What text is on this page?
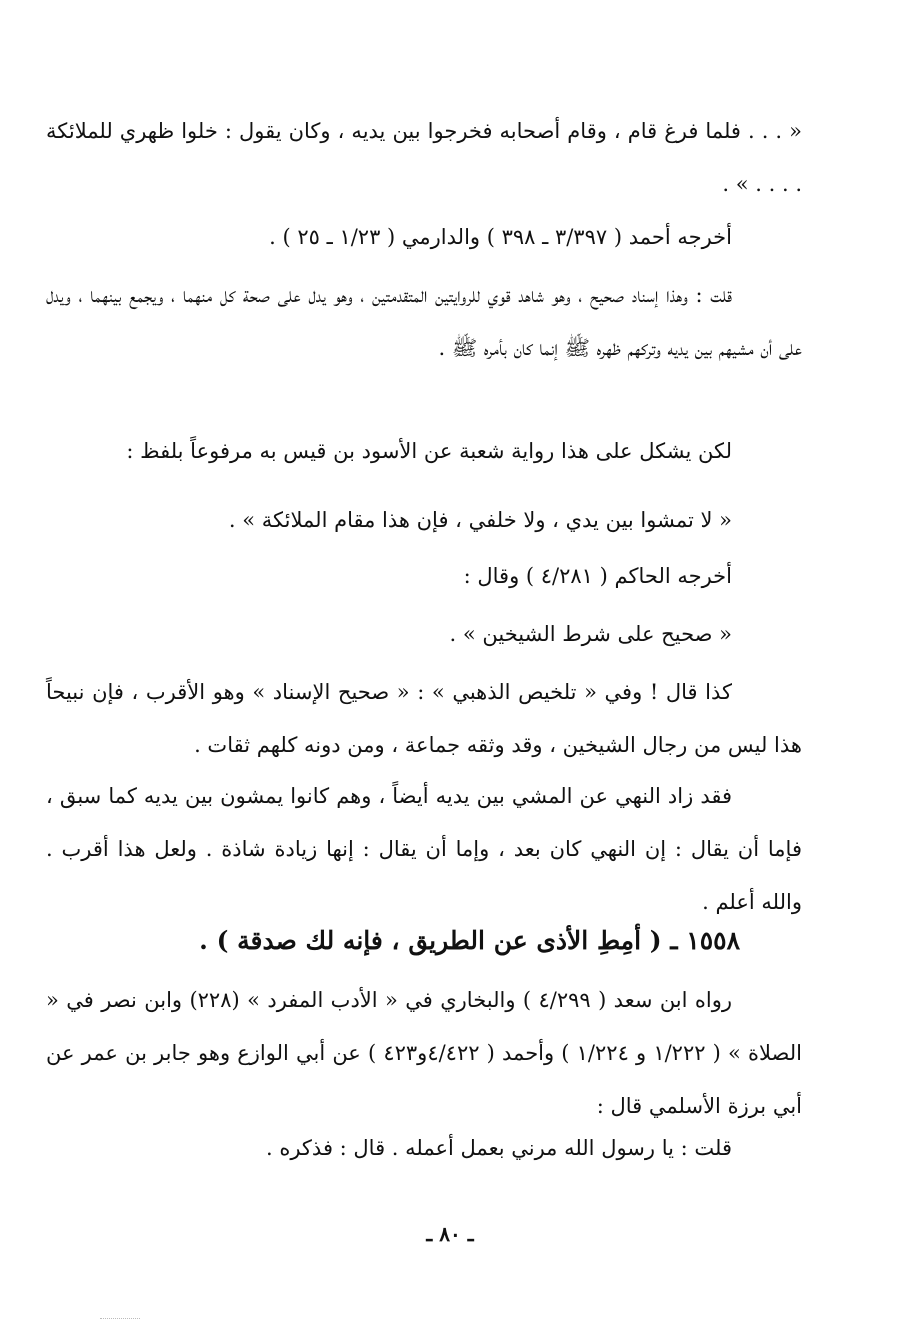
« . . . فلما فرغ قام ، وقام أصحابه فخرجوا بين يديه ، وكان يقول : خلوا ظهري للملائكة . . . . » .

أخرجه أحمد ( ٣/٣٩٧ ـ ٣٩٨ ) والدارمي ( ١/٢٣ ـ ٢٥ ) .

قلت : وهذا إسناد صحيح ، وهو شاهد قوي للروايتين المتقدمتين ، وهو يدل على صحة كل منهما ، ويجمع بينهما ، ويدل على أن مشيهم بين يديه وتركهم ظهره ﷺ إنما كان بأمره ﷺ .

لكن يشكل على هذا رواية شعبة عن الأسود بن قيس به مرفوعاً بلفظ :

« لا تمشوا بين يدي ، ولا خلفي ، فإن هذا مقام الملائكة » .

أخرجه الحاكم ( ٤/٢٨١ ) وقال :

« صحيح على شرط الشيخين » .

كذا قال ! وفي « تلخيص الذهبي » : « صحيح الإسناد » وهو الأقرب ، فإن نبيحاً هذا ليس من رجال الشيخين ، وقد وثقه جماعة ، ومن دونه كلهم ثقات .

فقد زاد النهي عن المشي بين يديه أيضاً ، وهم كانوا يمشون بين يديه كما سبق ، فإما أن يقال : إن النهي كان بعد ، وإما أن يقال : إنها زيادة شاذة . ولعل هذا أقرب . والله أعلم .

١٥٥٨ ـ ( أمِطِ الأذى عن الطريق ، فإنه لك صدقة ) .

رواه ابن سعد ( ٤/٢٩٩ ) والبخاري في « الأدب المفرد » (٢٢٨) وابن نصر في « الصلاة » ( ١/٢٢٢ و ١/٢٢٤ ) وأحمد ( ٤/٤٢٢و٤٢٣ ) عن أبي الوازع وهو جابر بن عمر عن أبي برزة الأسلمي قال :

قلت : يا رسول الله مرني بعمل أعمله . قال : فذكره .

ـ ٨٠ ـ
